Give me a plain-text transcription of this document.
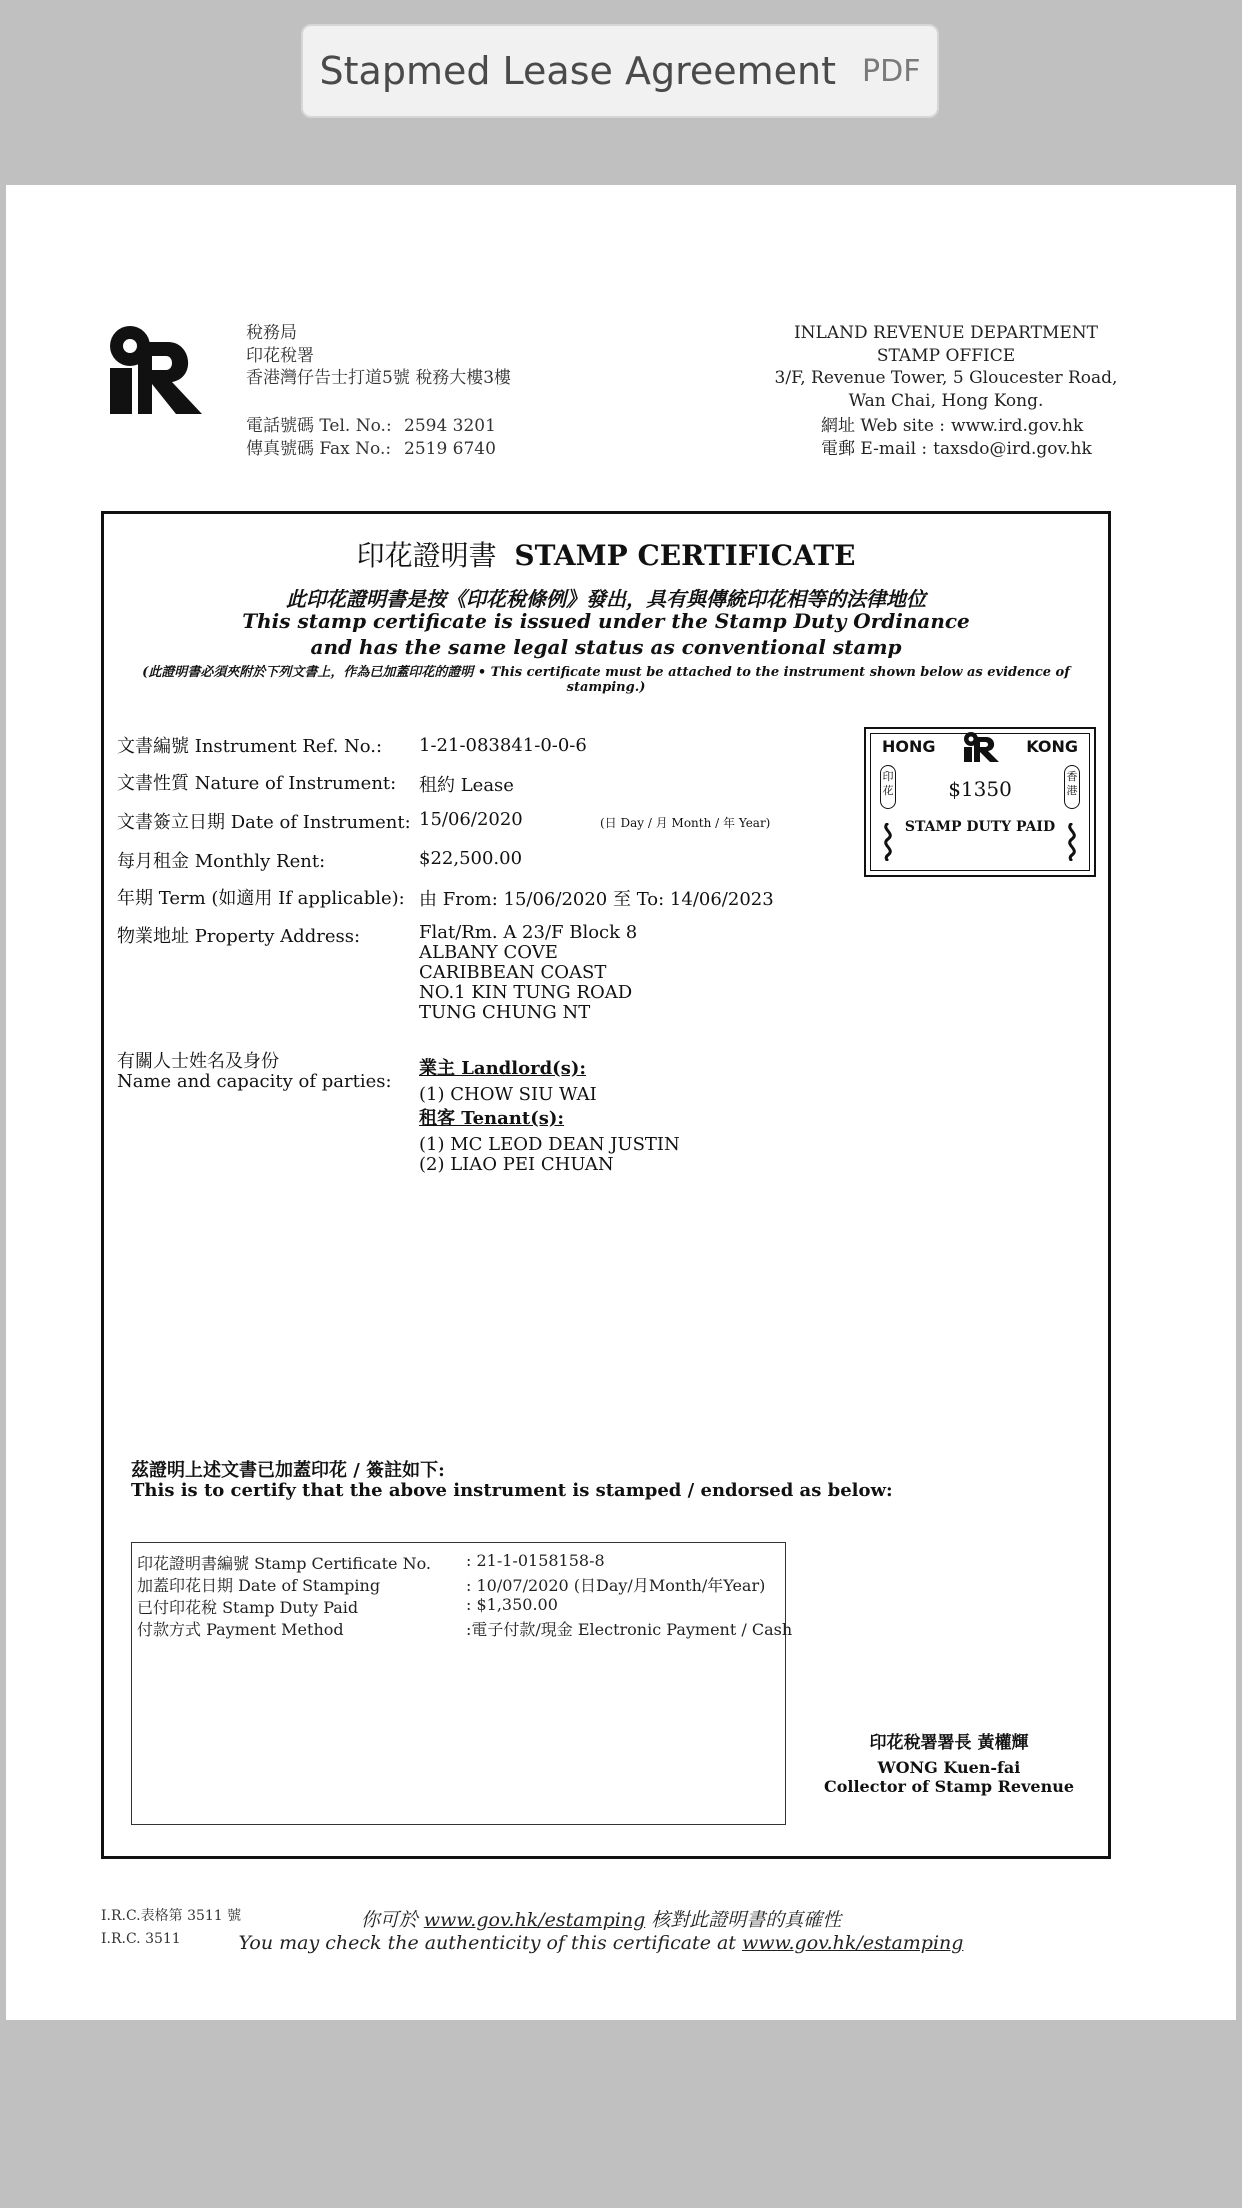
Stapmed Lease Agreement PDF
稅務局
印花稅署
香港灣仔告士打道5號 稅務大樓3樓
電話號碼 Tel. No.: 2594 3201
傳真號碼 Fax No.: 2519 6740
INLAND REVENUE DEPARTMENT
STAMP OFFICE
3/F, Revenue Tower, 5 Gloucester Road,
Wan Chai, Hong Kong.
網址 Web site : www.ird.gov.hk
電郵 E-mail : taxsdo@ird.gov.hk
印花證明書 STAMP CERTIFICATE
此印花證明書是按《印花稅條例》發出，具有與傳統印花相等的法律地位
This stamp certificate is issued under the Stamp Duty Ordinance
and has the same legal status as conventional stamp
(此證明書必須夾附於下列文書上，作為已加蓋印花的證明 • This certificate must be attached to the instrument shown below as evidence of stamping.)
文書編號 Instrument Ref. No.: 1-21-083841-0-0-6
文書性質 Nature of Instrument: 租約 Lease
文書簽立日期 Date of Instrument: 15/06/2020	(日 Day / 月 Month / 年 Year)
每月租金 Monthly Rent:	$22,500.00
年期 Term (如適用 If applicable): 由 From: 15/06/2020 至 To: 14/06/2023
物業地址 Property Address:	Flat/Rm. A 23/F Block 8
ALBANY COVE
CARIBBEAN COAST
NO.1 KIN TUNG ROAD
TUNG CHUNG NT
有關人士姓名及身份
Name and capacity of parties:
業主 Landlord(s):
(1) CHOW SIU WAI
租客 Tenant(s):
(1) MC LEOD DEAN JUSTIN
(2) LIAO PEI CHUAN
HONG	KONG
印花
香港
$1350
STAMP DUTY PAID
茲證明上述文書已加蓋印花 / 簽註如下:
This is to certify that the above instrument is stamped / endorsed as below:
印花證明書編號 Stamp Certificate No. : 21-1-0158158-8
加蓋印花日期 Date of Stamping	: 10/07/2020 (日Day/月Month/年Year)
已付印花稅 Stamp Duty Paid	: $1,350.00
付款方式 Payment Method	:電子付款/現金 Electronic Payment / Cash
印花稅署署長 黃權輝
WONG Kuen-fai
Collector of Stamp Revenue
I.R.C.表格第 3511 號
I.R.C. 3511
你可於 www.gov.hk/estamping 核對此證明書的真確性
You may check the authenticity of this certificate at www.gov.hk/estamping
